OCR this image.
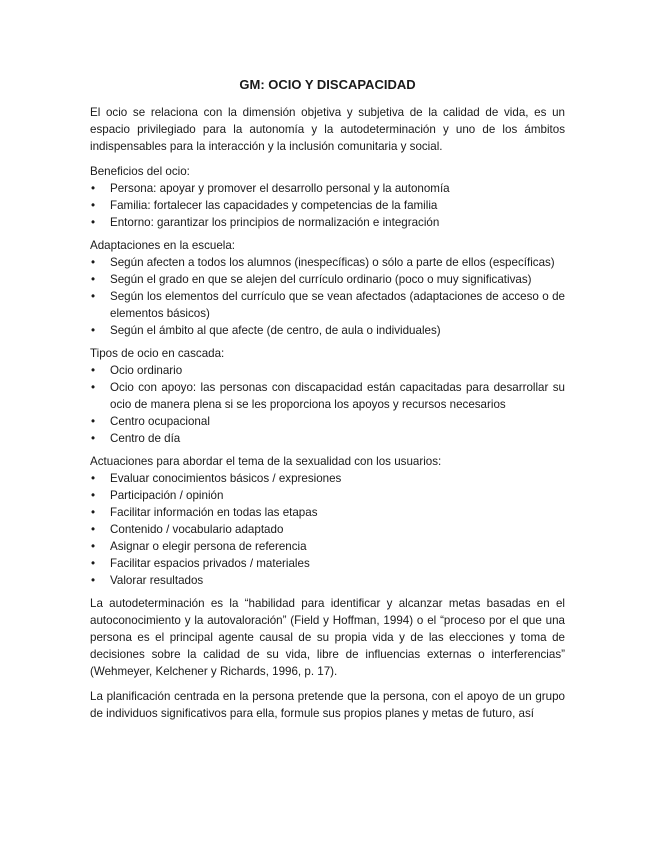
GM: OCIO Y DISCAPACIDAD

El ocio se relaciona con la dimensión objetiva y subjetiva de la calidad de vida, es un espacio privilegiado para la autonomía y la autodeterminación y uno de los ámbitos indispensables para la interacción y la inclusión comunitaria y social.

Beneficios del ocio:

• Persona: apoyar y promover el desarrollo personal y la autonomía
• Familia: fortalecer las capacidades y competencias de la familia
• Entorno: garantizar los principios de normalización e integración

Adaptaciones en la escuela:

• Según afecten a todos los alumnos (inespecíficas) o sólo a parte de ellos (específicas)
• Según el grado en que se alejen del currículo ordinario (poco o muy significativas)
• Según los elementos del currículo que se vean afectados (adaptaciones de acceso o de elementos básicos)
• Según el ámbito al que afecte (de centro, de aula o individuales)

Tipos de ocio en cascada:

• Ocio ordinario
• Ocio con apoyo: las personas con discapacidad están capacitadas para desarrollar su ocio de manera plena si se les proporciona los apoyos y recursos necesarios
• Centro ocupacional
• Centro de día

Actuaciones para abordar el tema de la sexualidad con los usuarios:

• Evaluar conocimientos básicos / expresiones
• Participación / opinión
• Facilitar información en todas las etapas
• Contenido / vocabulario adaptado
• Asignar o elegir persona de referencia
• Facilitar espacios privados / materiales
• Valorar resultados

La autodeterminación es la “habilidad para identificar y alcanzar metas basadas en el autoconocimiento y la autovaloración” (Field y Hoffman, 1994) o el “proceso por el que una persona es el principal agente causal de su propia vida y de las elecciones y toma de decisiones sobre la calidad de su vida, libre de influencias externas o interferencias” (Wehmeyer, Kelchener y Richards, 1996, p. 17).

La planificación centrada en la persona pretende que la persona, con el apoyo de un grupo de individuos significativos para ella, formule sus propios planes y metas de futuro, así
